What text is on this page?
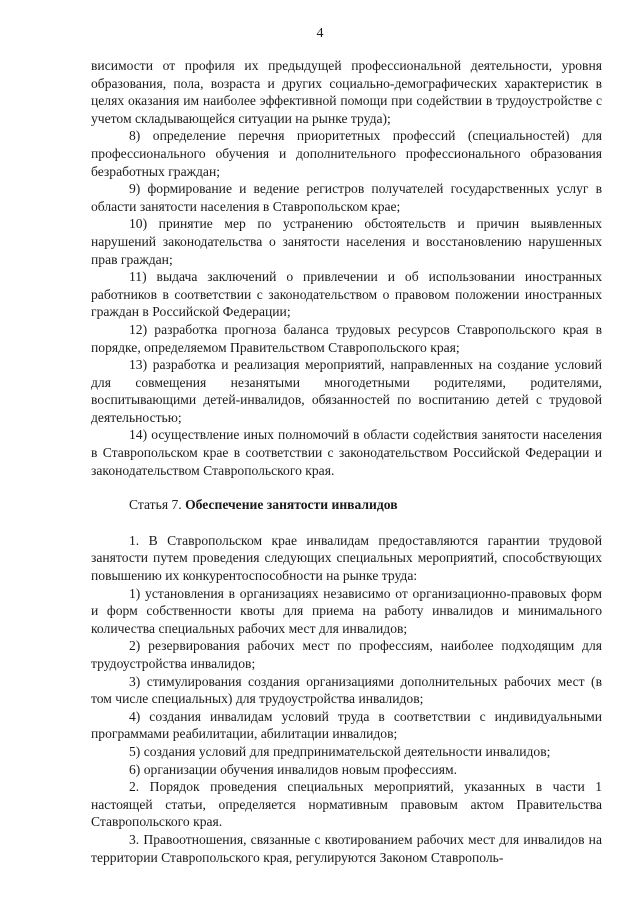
4

висимости от профиля их предыдущей профессиональной деятельности, уровня образования, пола, возраста и других социально-демографических характеристик в целях оказания им наиболее эффективной помощи при содействии в трудоустройстве с учетом складывающейся ситуации на рынке труда);

8) определение перечня приоритетных профессий (специальностей) для профессионального обучения и дополнительного профессионального образования безработных граждан;

9) формирование и ведение регистров получателей государственных услуг в области занятости населения в Ставропольском крае;

10) принятие мер по устранению обстоятельств и причин выявленных нарушений законодательства о занятости населения и восстановлению нарушенных прав граждан;

11) выдача заключений о привлечении и об использовании иностранных работников в соответствии с законодательством о правовом положении иностранных граждан в Российской Федерации;

12) разработка прогноза баланса трудовых ресурсов Ставропольского края в порядке, определяемом Правительством Ставропольского края;

13) разработка и реализация мероприятий, направленных на создание условий для совмещения незанятыми многодетными родителями, родителями, воспитывающими детей-инвалидов, обязанностей по воспитанию детей с трудовой деятельностью;

14) осуществление иных полномочий в области содействия занятости населения в Ставропольском крае в соответствии с законодательством Российской Федерации и законодательством Ставропольского края.

Статья 7. Обеспечение занятости инвалидов

1. В Ставропольском крае инвалидам предоставляются гарантии трудовой занятости путем проведения следующих специальных мероприятий, способствующих повышению их конкурентоспособности на рынке труда:

1) установления в организациях независимо от организационно-правовых форм и форм собственности квоты для приема на работу инвалидов и минимального количества специальных рабочих мест для инвалидов;

2) резервирования рабочих мест по профессиям, наиболее подходящим для трудоустройства инвалидов;

3) стимулирования создания организациями дополнительных рабочих мест (в том числе специальных) для трудоустройства инвалидов;

4) создания инвалидам условий труда в соответствии с индивидуальными программами реабилитации, абилитации инвалидов;

5) создания условий для предпринимательской деятельности инвалидов;

6) организации обучения инвалидов новым профессиям.

2. Порядок проведения специальных мероприятий, указанных в части 1 настоящей статьи, определяется нормативным правовым актом Правительства Ставропольского края.

3. Правоотношения, связанные с квотированием рабочих мест для инвалидов на территории Ставропольского края, регулируются Законом Ставрополь-
